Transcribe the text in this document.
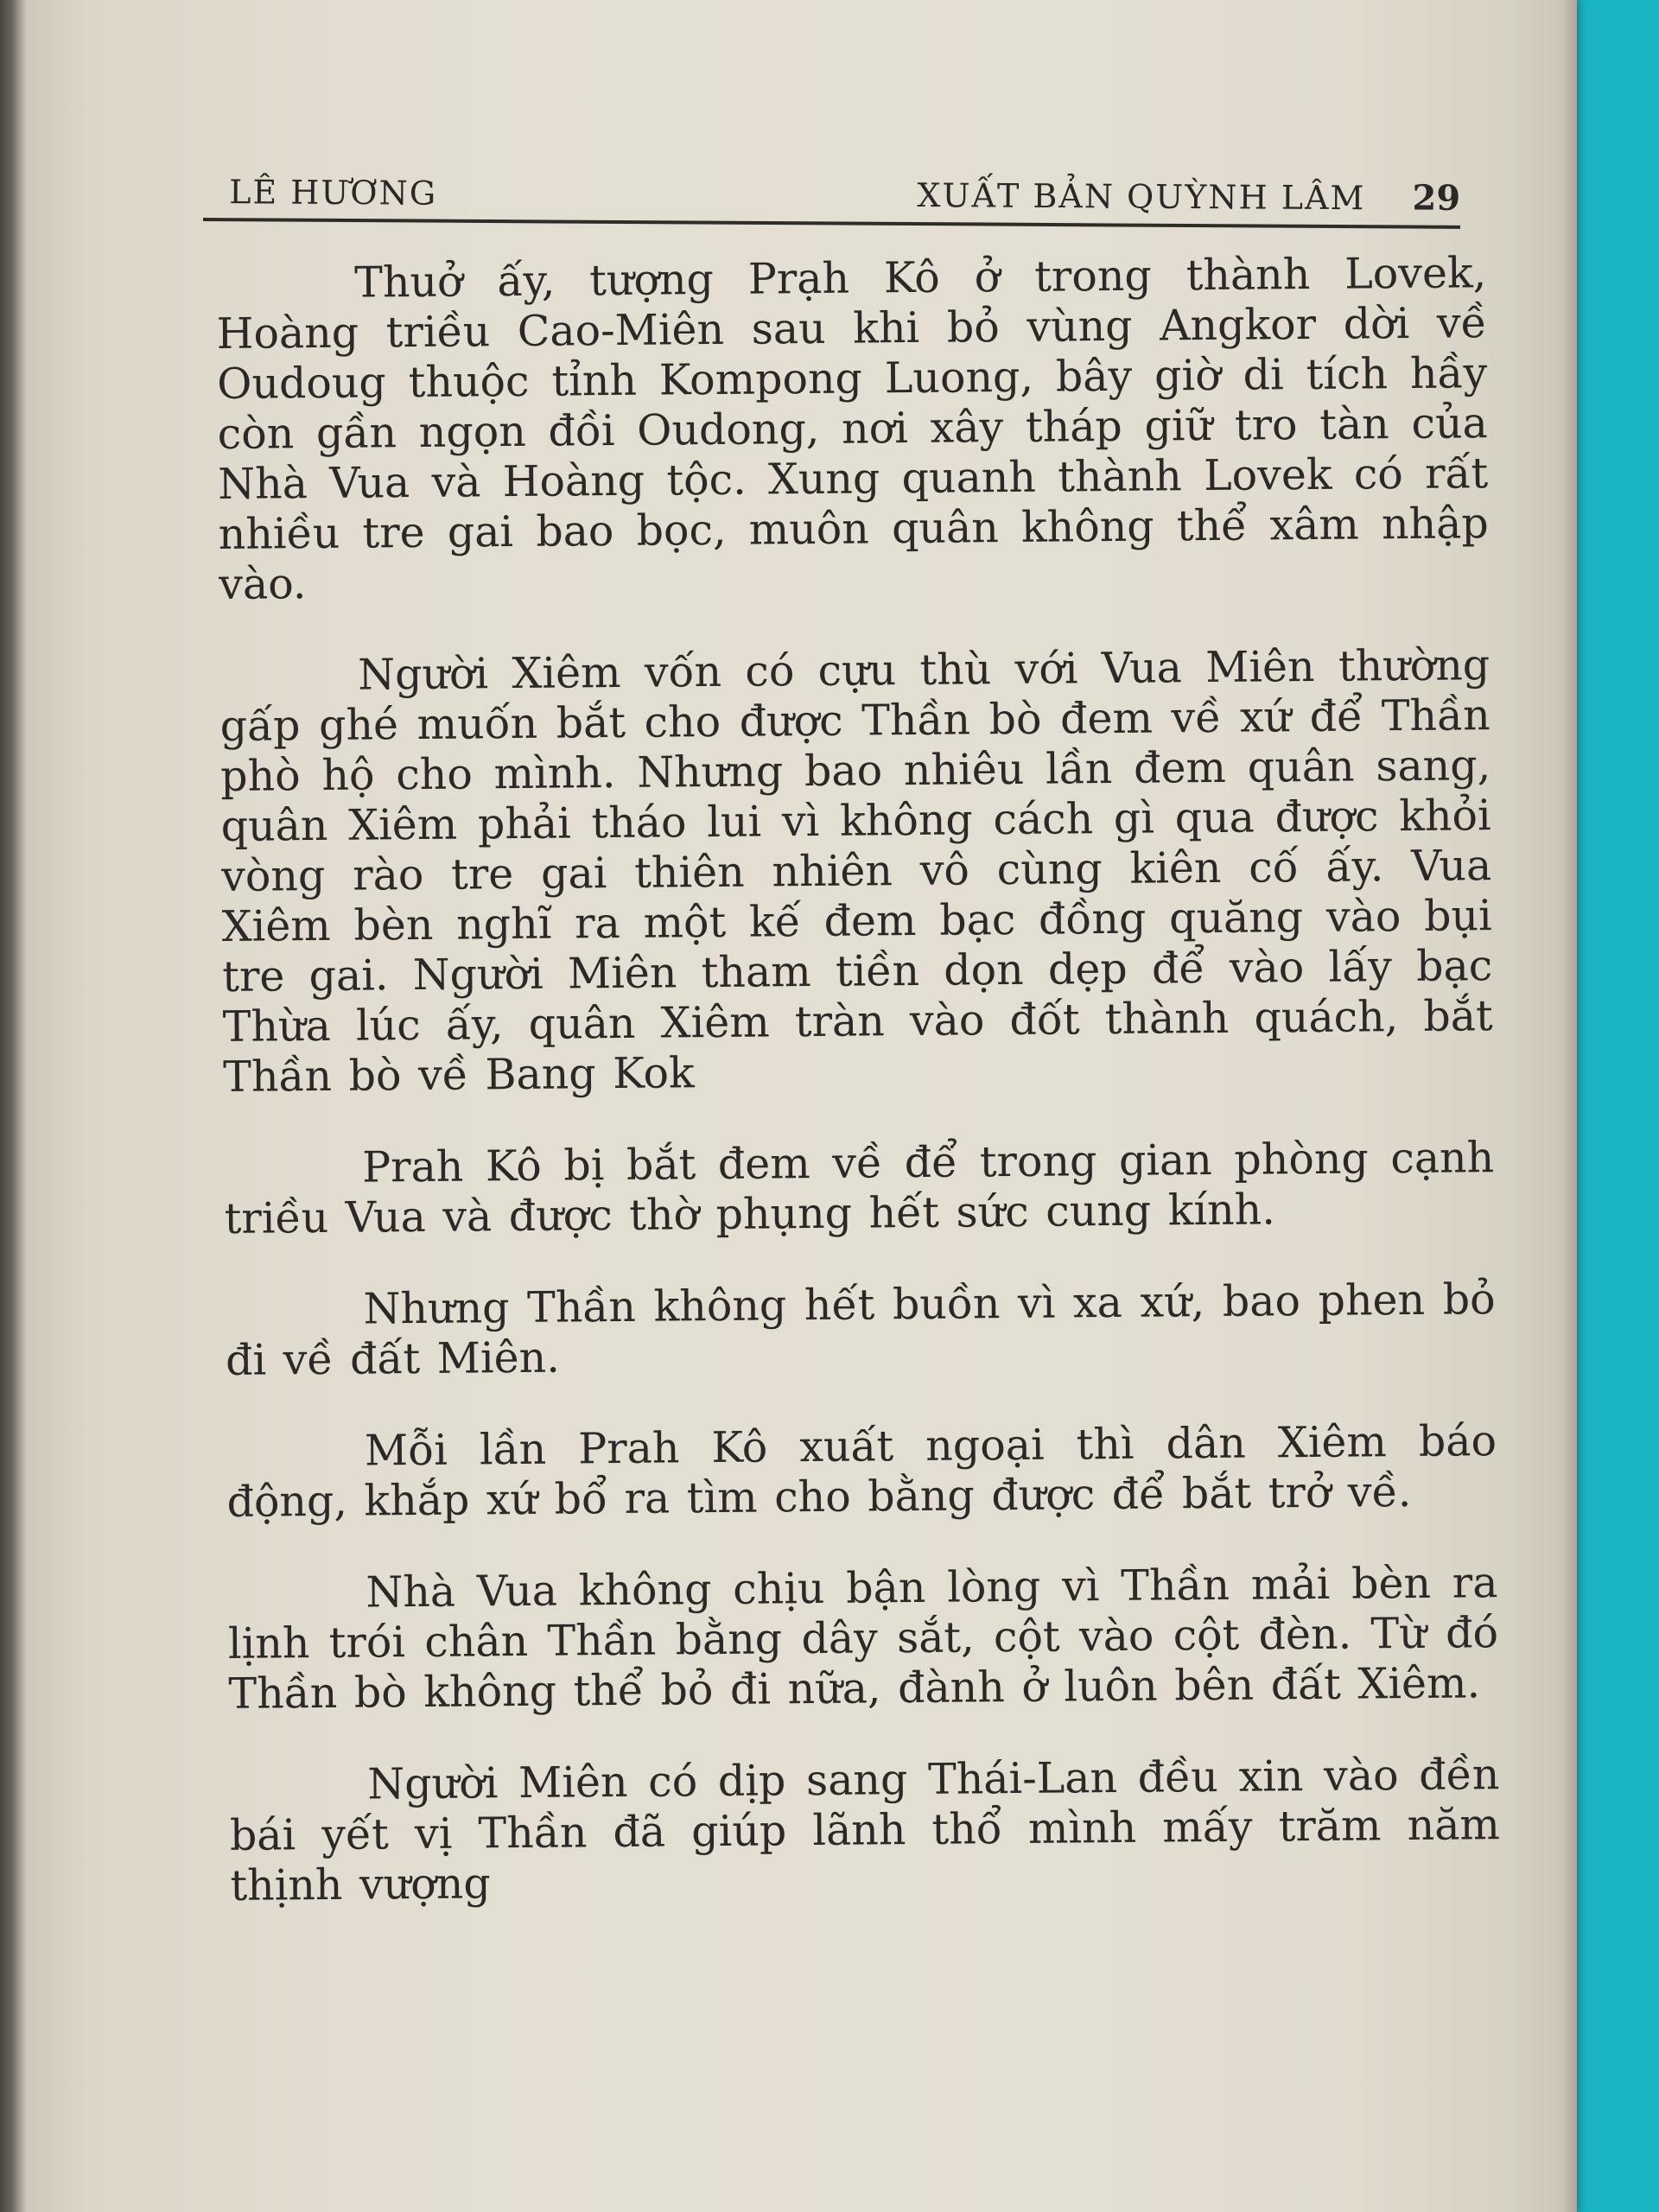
LÊ HƯƠNG	XUẤT BẢN QUỲNH LÂM 29

Thuở ấy, tượng Prạh Kô ở trong thành Lovek, Hoàng triều Cao-Miên sau khi bỏ vùng Angkor dời về Oudoug thuộc tỉnh Kompong Luong, bây giờ di tích hầy còn gần ngọn đồi Oudong, nơi xây tháp giữ tro tàn của Nhà Vua và Hoàng tộc. Xung quanh thành Lovek có rất nhiều tre gai bao bọc, muôn quân không thể xâm nhập vào.

Người Xiêm vốn có cựu thù với Vua Miên thường gấp ghé muốn bắt cho được Thần bò đem về xứ để Thần phò hộ cho mình. Nhưng bao nhiêu lần đem quân sang, quân Xiêm phải tháo lui vì không cách gì qua được khỏi vòng rào tre gai thiên nhiên vô cùng kiên cố ấy. Vua Xiêm bèn nghĩ ra một kế đem bạc đồng quăng vào bụi tre gai. Người Miên tham tiền dọn dẹp để vào lấy bạc Thừa lúc ấy, quân Xiêm tràn vào đốt thành quách, bắt Thần bò về Bang Kok

Prah Kô bị bắt đem về để trong gian phòng cạnh triều Vua và được thờ phụng hết sức cung kính.

Nhưng Thần không hết buồn vì xa xứ, bao phen bỏ đi về đất Miên.

Mỗi lần Prah Kô xuất ngoại thì dân Xiêm báo động, khắp xứ bổ ra tìm cho bằng được để bắt trở về.

Nhà Vua không chịu bận lòng vì Thần mải bèn ra lịnh trói chân Thần bằng dây sắt, cột vào cột đèn. Từ đó Thần bò không thể bỏ đi nữa, đành ở luôn bên đất Xiêm.

Người Miên có dịp sang Thái-Lan đều xin vào đền bái yết vị Thần đã giúp lãnh thổ mình mấy trăm năm thịnh vượng
